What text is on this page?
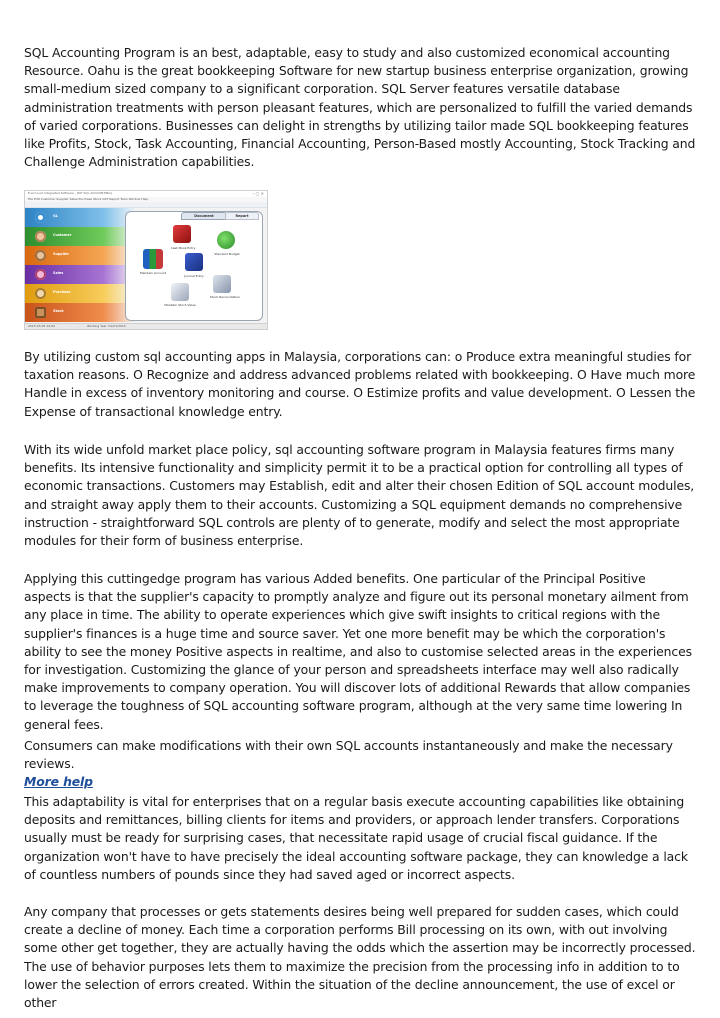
SQL Accounting Program is an best, adaptable, easy to study and also customized economical accounting Resource. Oahu is the great bookkeeping Software for new startup business enterprise organization, growing small-medium sized company to a significant corporation. SQL Server features versatile database administration treatments with person pleasant features, which are personalized to fulfill the varied demands of varied corporations. Businesses can delight in strengths by utilizing tailor made SQL bookkeeping features like Profits, Stock, Task Accounting, Financial Accounting, Person-Based mostly Accounting, Stock Tracking and Challenge Administration capabilities.

E-Account Integrated Software - [MY SQL ACCOUNTING]	– ▢ ✕
File Edit Customer Supplier Sales Purchase Stock GST Report Tools Window Help
GL
Customer
Supplier
Sales
Purchase
Stock
Document	Report
Cash Book Entry
Maintain Account
Journal Entry
Standard Budget
Maintain Stock Value
Stock Reconciliation
2015-03-05 14:00	Working Year: 01/01/2015

By utilizing custom sql accounting apps in Malaysia, corporations can: o Produce extra meaningful studies for taxation reasons. O Recognize and address advanced problems related with bookkeeping. O Have much more Handle in excess of inventory monitoring and course. O Estimize profits and value development. O Lessen the Expense of transactional knowledge entry.

With its wide unfold market place policy, sql accounting software program in Malaysia features firms many benefits. Its intensive functionality and simplicity permit it to be a practical option for controlling all types of economic transactions. Customers may Establish, edit and alter their chosen Edition of SQL account modules, and straight away apply them to their accounts. Customizing a SQL equipment demands no comprehensive instruction - straightforward SQL controls are plenty of to generate, modify and select the most appropriate modules for their form of business enterprise.

Applying this cuttingedge program has various Added benefits. One particular of the Principal Positive aspects is that the supplier's capacity to promptly analyze and figure out its personal monetary ailment from any place in time. The ability to operate experiences which give swift insights to critical regions with the supplier's finances is a huge time and source saver. Yet one more benefit may be which the corporation's ability to see the money Positive aspects in realtime, and also to customise selected areas in the experiences for investigation. Customizing the glance of your person and spreadsheets interface may well also radically make improvements to company operation. You will discover lots of additional Rewards that allow companies to leverage the toughness of SQL accounting software program, although at the very same time lowering In general fees.

Consumers can make modifications with their own SQL accounts instantaneously and make the necessary reviews.
More help

This adaptability is vital for enterprises that on a regular basis execute accounting capabilities like obtaining deposits and remittances, billing clients for items and providers, or approach lender transfers. Corporations usually must be ready for surprising cases, that necessitate rapid usage of crucial fiscal guidance. If the organization won't have to have precisely the ideal accounting software package, they can knowledge a lack of countless numbers of pounds since they had saved aged or incorrect aspects.

Any company that processes or gets statements desires being well prepared for sudden cases, which could create a decline of money. Each time a corporation performs Bill processing on its own, with out involving some other get together, they are actually having the odds which the assertion may be incorrectly processed. The use of behavior purposes lets them to maximize the precision from the processing info in addition to to lower the selection of errors created. Within the situation of the decline announcement, the use of excel or other
